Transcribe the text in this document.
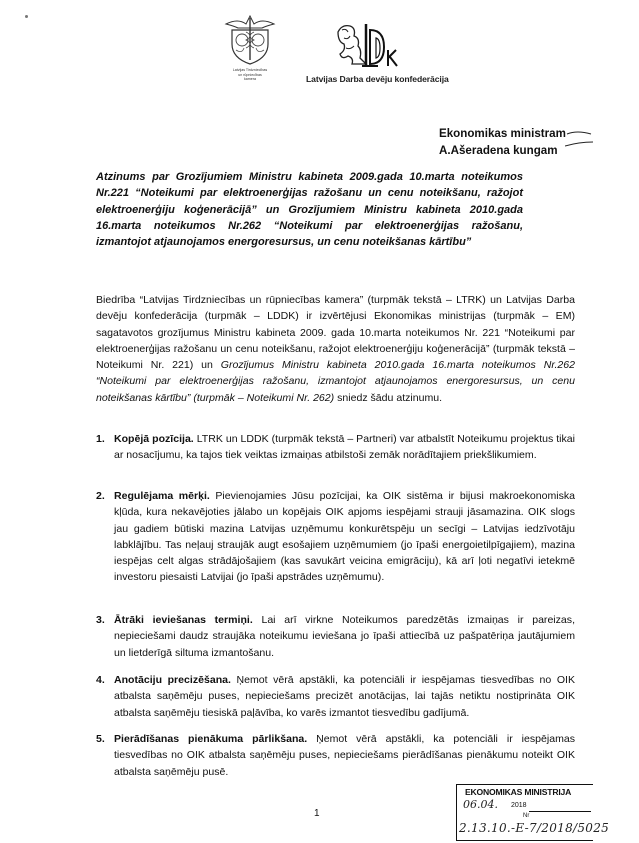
Latvijas Tirdzniecības
un rūpniecības
kamera	Latvijas Darba devēju konfederācija
Ekonomikas ministram
A.Ašeradena kungam
Atzinums par Grozījumiem Ministru kabineta 2009.gada 10.marta noteikumos Nr.221 “Noteikumi par elektroenerģijas ražošanu un cenu noteikšanu, ražojot elektroenerģiju koģenerācijā” un Grozījumiem Ministru kabineta 2010.gada 16.marta noteikumos Nr.262 “Noteikumi par elektroenerģijas ražošanu, izmantojot atjaunojamos energoresursus, un cenu noteikšanas kārtību”
Biedrība “Latvijas Tirdzniecības un rūpniecības kamera” (turpmāk tekstā – LTRK) un Latvijas Darba devēju konfederācija (turpmāk – LDDK) ir izvērtējusi Ekonomikas ministrijas (turpmāk – EM) sagatavotos grozījumus Ministru kabineta 2009. gada 10.marta noteikumos Nr. 221 “Noteikumi par elektroenerģijas ražošanu un cenu noteikšanu, ražojot elektroenerģiju koģenerācijā” (turpmāk tekstā – Noteikumi Nr. 221) un Grozījumus Ministru kabineta 2010.gada 16.marta noteikumos Nr.262 “Noteikumi par elektroenerģijas ražošanu, izmantojot atjaunojamos energoresursus, un cenu noteikšanas kārtību” (turpmāk – Noteikumi Nr. 262) sniedz šādu atzinumu.
1. Kopējā pozīcija. LTRK un LDDK (turpmāk tekstā – Partneri) var atbalstīt Noteikumu projektus tikai ar nosacījumu, ka tajos tiek veiktas izmaiņas atbilstoši zemāk norādītajiem priekšlikumiem.
2. Regulējama mērķi. Pievienojamies Jūsu pozīcijai, ka OIK sistēma ir bijusi makroekonomiska kļūda, kura nekavējoties jālabo un kopējais OIK apjoms iespējami strauji jāsamazina. OIK slogs jau gadiem būtiski mazina Latvijas uzņēmumu konkurētspēju un secīgi – Latvijas iedzīvotāju labklājību. Tas neļauj straujāk augt esošajiem uzņēmumiem (jo īpaši energoietilpīgajiem), mazina iespējas celt algas strādājošajiem (kas savukārt veicina emigrāciju), kā arī ļoti negatīvi ietekmē investoru piesaisti Latvijai (jo īpaši apstrādes uzņēmumu).
3. Ātrāki ieviešanas termiņi. Lai arī virkne Noteikumos paredzētās izmaiņas ir pareizas, nepieciešami daudz straujāka noteikumu ieviešana jo īpaši attiecībā uz pašpatēriņa jautājumiem un lietderīgā siltuma izmantošanu.
4. Anotāciju precizēšana. Ņemot vērā apstākli, ka potenciāli ir iespējamas tiesvedības no OIK atbalsta saņēmēju puses, nepieciešams precizēt anotācijas, lai tajās netiktu nostiprināta OIK atbalsta saņēmēju tiesiskā paļāvība, ko varēs izmantot tiesvedību gadījumā.
5. Pierādīšanas pienākuma pārlikšana. Ņemot vērā apstākli, ka potenciāli ir iespējamas tiesvedības no OIK atbalsta saņēmēju puses, nepieciešams pierādīšanas pienākumu noteikt OIK atbalsta saņēmēju pusē.
1
EKONOMIKAS MINISTRIJA
06.04. 2018
Nr
2.13.10.-E-7/2018/5025
